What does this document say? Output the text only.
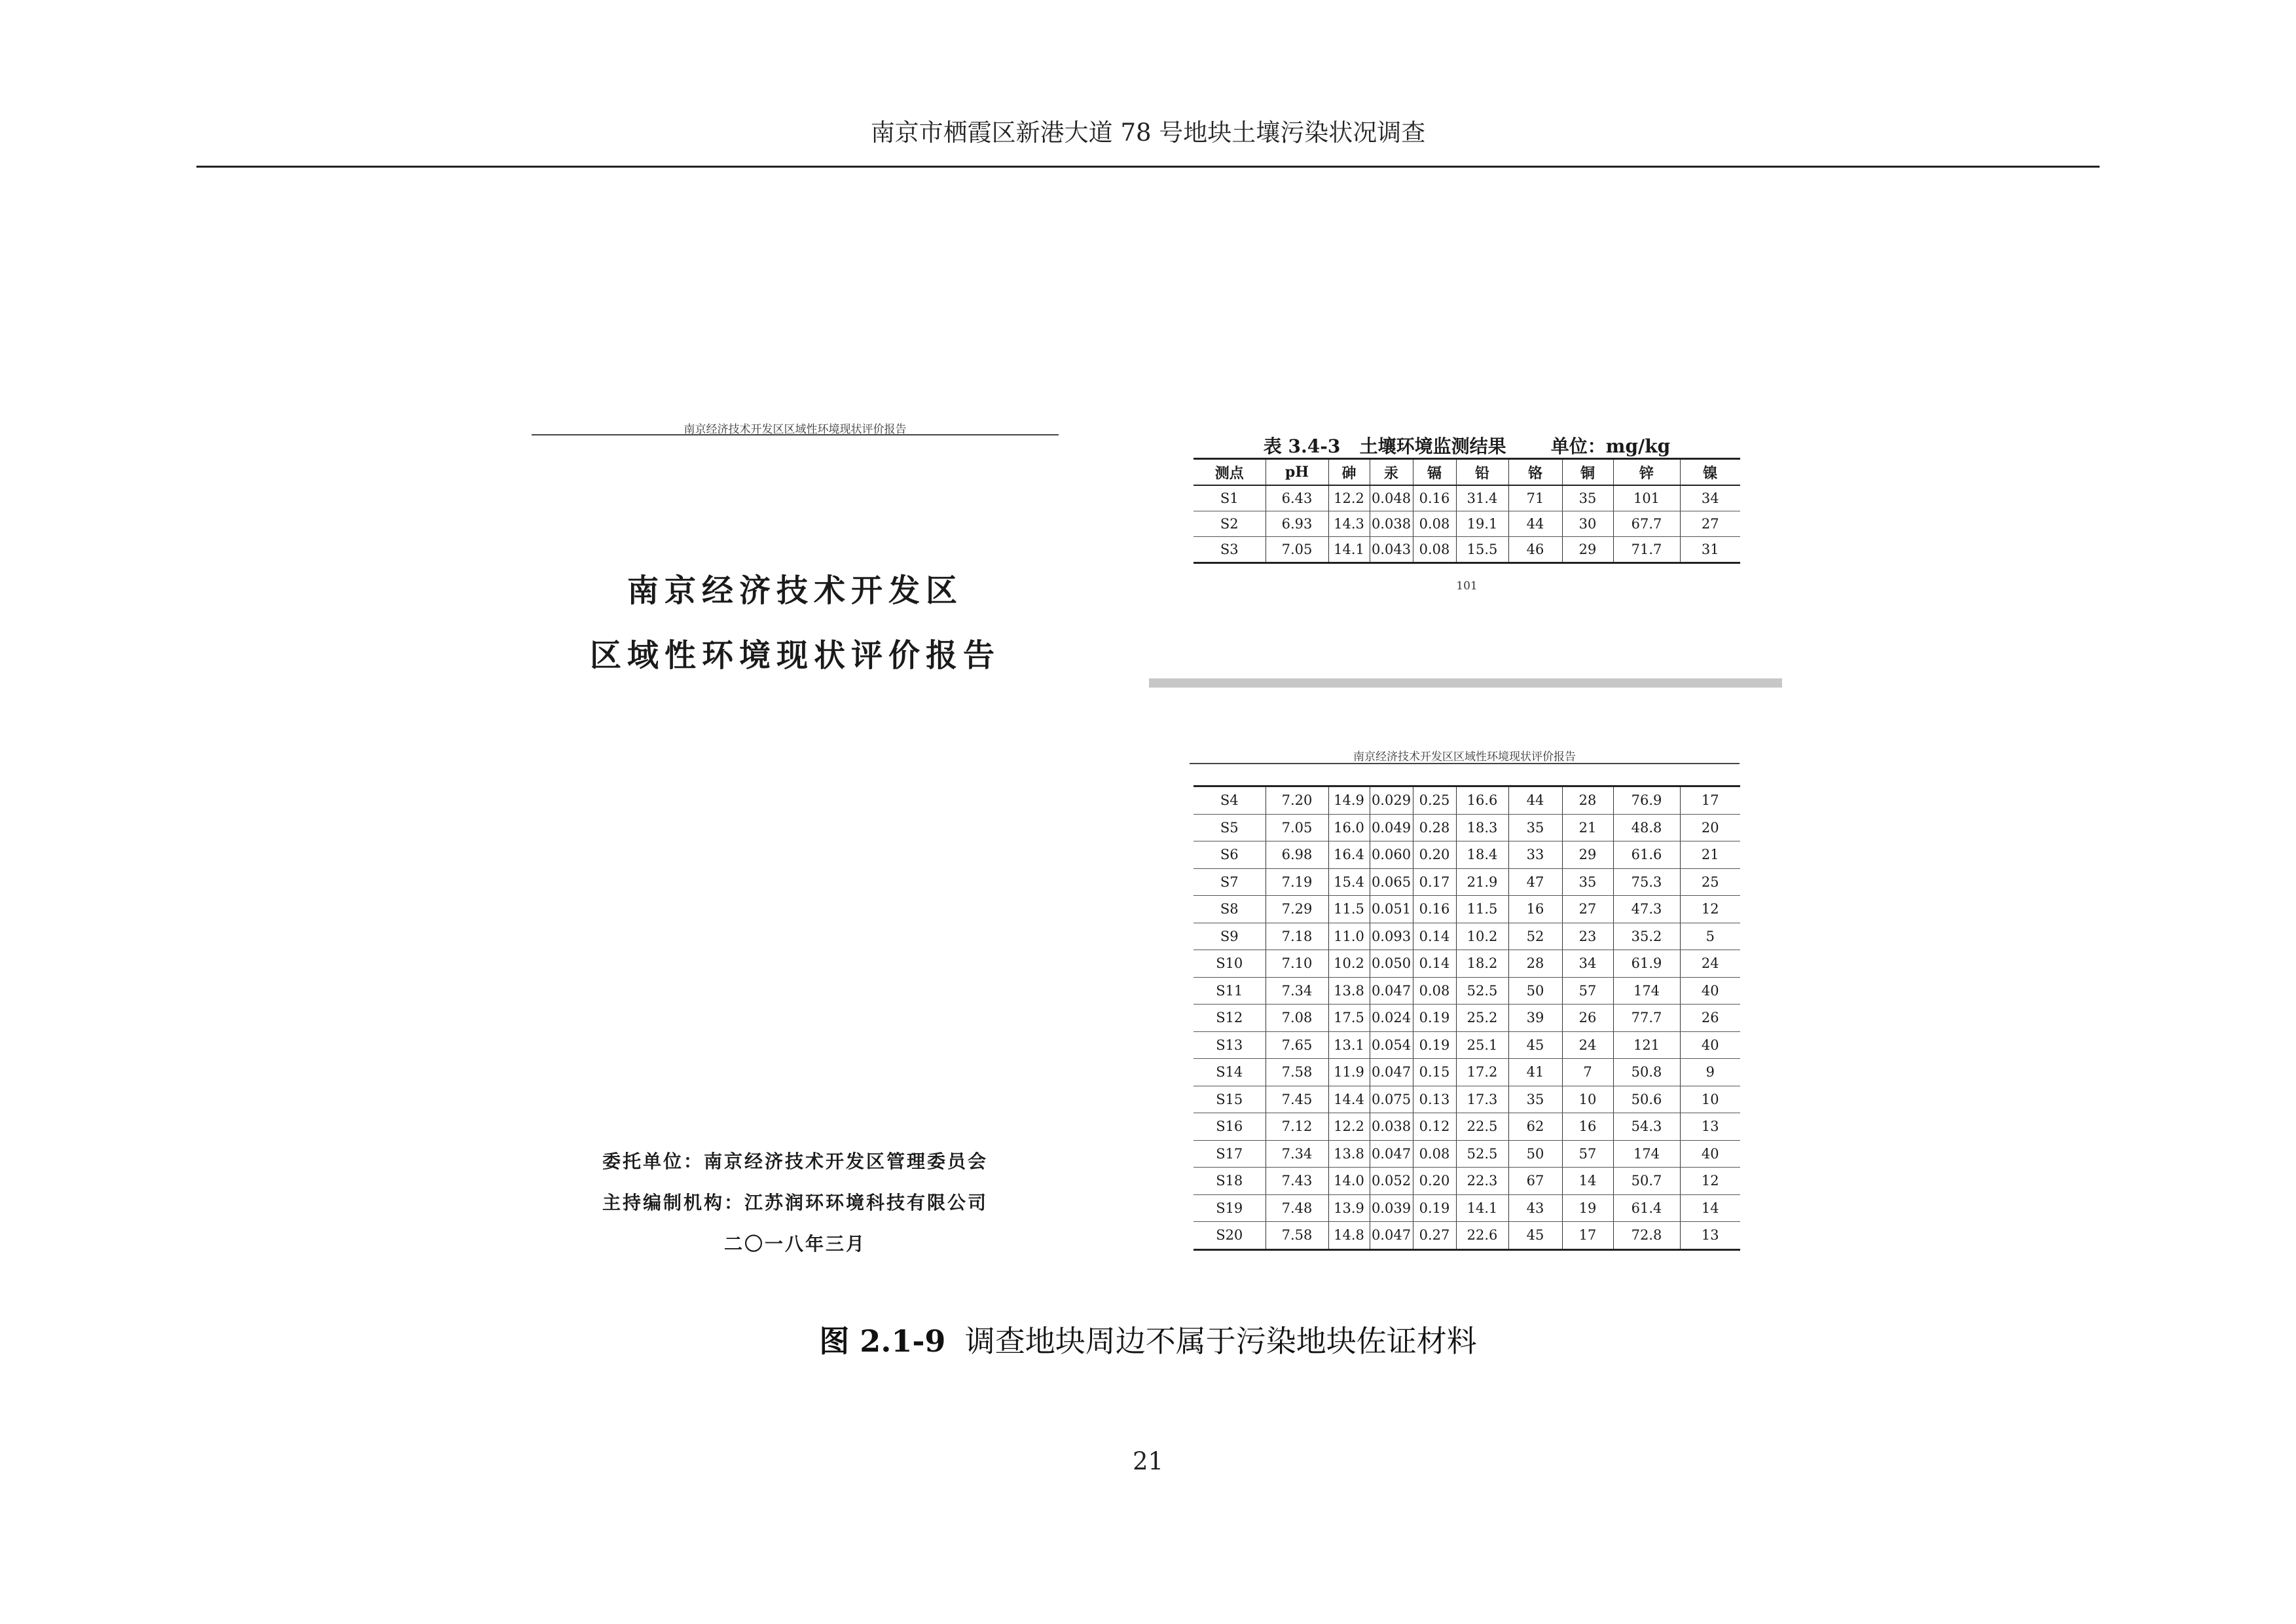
南京市栖霞区新港大道 78 号地块土壤污染状况调查
南京经济技术开发区区域性环境现状评价报告
南京经济技术开发区
区域性环境现状评价报告
委托单位：南京经济技术开发区管理委员会
主持编制机构：江苏润环环境科技有限公司
二〇一八年三月
表 3.4-3   土壤环境监测结果       单位：mg/kg
测点	pH	砷	汞	镉	铅	铬	铜	锌	镍
S1	6.43	12.2	0.048	0.16	31.4	71	35	101	34
S2	6.93	14.3	0.038	0.08	19.1	44	30	67.7	27
S3	7.05	14.1	0.043	0.08	15.5	46	29	71.7	31
101
南京经济技术开发区区域性环境现状评价报告
S4	7.20	14.9	0.029	0.25	16.6	44	28	76.9	17
S5	7.05	16.0	0.049	0.28	18.3	35	21	48.8	20
S6	6.98	16.4	0.060	0.20	18.4	33	29	61.6	21
S7	7.19	15.4	0.065	0.17	21.9	47	35	75.3	25
S8	7.29	11.5	0.051	0.16	11.5	16	27	47.3	12
S9	7.18	11.0	0.093	0.14	10.2	52	23	35.2	5
S10	7.10	10.2	0.050	0.14	18.2	28	34	61.9	24
S11	7.34	13.8	0.047	0.08	52.5	50	57	174	40
S12	7.08	17.5	0.024	0.19	25.2	39	26	77.7	26
S13	7.65	13.1	0.054	0.19	25.1	45	24	121	40
S14	7.58	11.9	0.047	0.15	17.2	41	7	50.8	9
S15	7.45	14.4	0.075	0.13	17.3	35	10	50.6	10
S16	7.12	12.2	0.038	0.12	22.5	62	16	54.3	13
S17	7.34	13.8	0.047	0.08	52.5	50	57	174	40
S18	7.43	14.0	0.052	0.20	22.3	67	14	50.7	12
S19	7.48	13.9	0.039	0.19	14.1	43	19	61.4	14
S20	7.58	14.8	0.047	0.27	22.6	45	17	72.8	13
图 2.1-9 调查地块周边不属于污染地块佐证材料
21
